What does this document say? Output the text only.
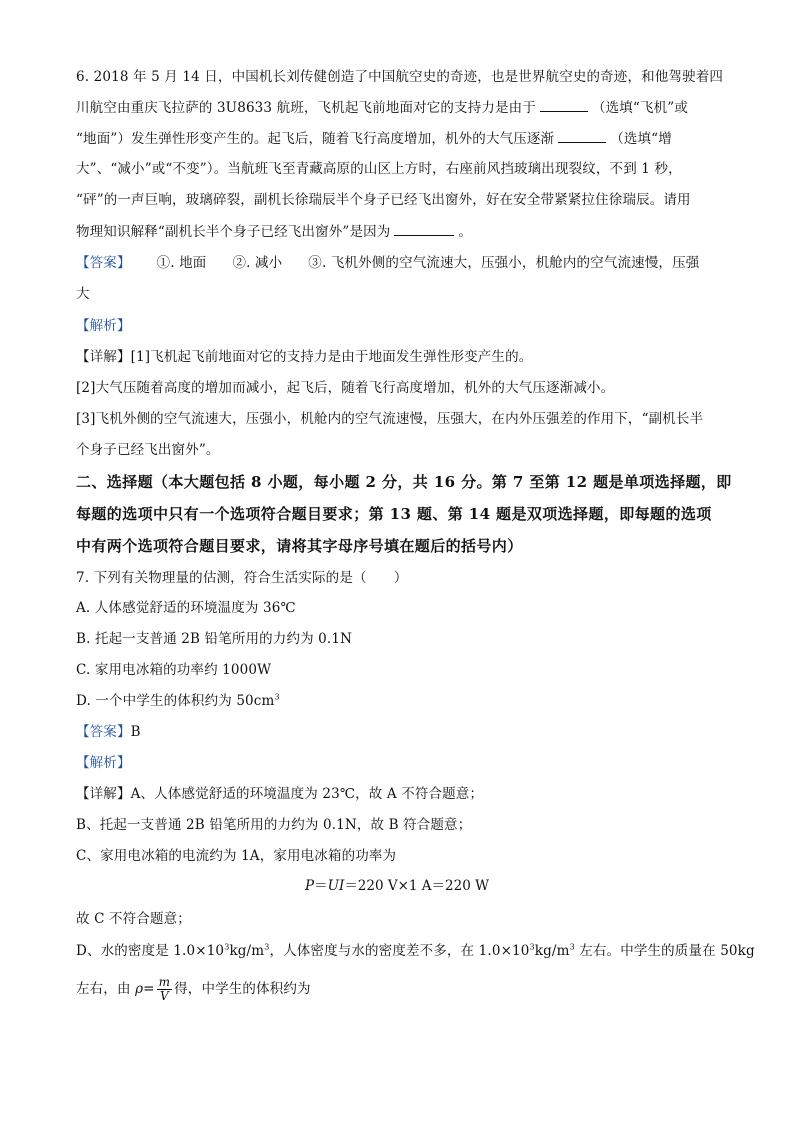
6. 2018 年 5 月 14 日，中国机长刘传健创造了中国航空史的奇迹，也是世界航空史的奇迹，和他驾驶着四
川航空由重庆飞拉萨的 3U8633 航班，飞机起飞前地面对它的支持力是由于	（选填“飞机”或
“地面”）发生弹性形变产生的。起飞后，随着飞行高度增加，机外的大气压逐渐	（选填“增
大”、“减小”或“不变”）。当航班飞至青藏高原的山区上方时，右座前风挡玻璃出现裂纹，不到 1 秒，
“砰”的一声巨响，玻璃碎裂，副机长徐瑞辰半个身子已经飞出窗外，好在安全带紧紧拉住徐瑞辰。请用
物理知识解释“副机长半个身子已经飞出窗外”是因为	。
【答案】 ①. 地面 ②. 减小 ③. 飞机外侧的空气流速大，压强小，机舱内的空气流速慢，压强
大
【解析】
【详解】[1]飞机起飞前地面对它的支持力是由于地面发生弹性形变产生的。
[2]大气压随着高度的增加而减小，起飞后，随着飞行高度增加，机外的大气压逐渐减小。
[3]飞机外侧的空气流速大，压强小，机舱内的空气流速慢，压强大，在内外压强差的作用下，“副机长半
个身子已经飞出窗外”。
二、选择题（本大题包括 8 小题，每小题 2 分，共 16 分。第 7 至第 12 题是单项选择题，即
每题的选项中只有一个选项符合题目要求；第 13 题、第 14 题是双项选择题，即每题的选项
中有两个选项符合题目要求，请将其字母序号填在题后的括号内）
7. 下列有关物理量的估测，符合生活实际的是（　　）
A. 人体感觉舒适的环境温度为 36℃
B. 托起一支普通 2B 铅笔所用的力约为 0.1N
C. 家用电冰箱的功率约 1000W
D. 一个中学生的体积约为 $50cm^3$
【答案】B
【解析】
【详解】A、人体感觉舒适的环境温度为 23℃，故 A 不符合题意；
B、托起一支普通 2B 铅笔所用的力约为 0.1N，故 B 符合题意；
C、家用电冰箱的电流约为 1A，家用电冰箱的功率为
P＝UI＝220 V×1 A＝220 W
故 C 不符合题意；
D、水的密度是 $1.0\times 10^3kg/m^3$，人体密度与水的密度差不多，在 $1.0\times 10^3kg/m^3$ 左右。中学生的质量在 50kg
左右，由 $\rho= \frac{m}{V}$ 得，中学生的体积约为
